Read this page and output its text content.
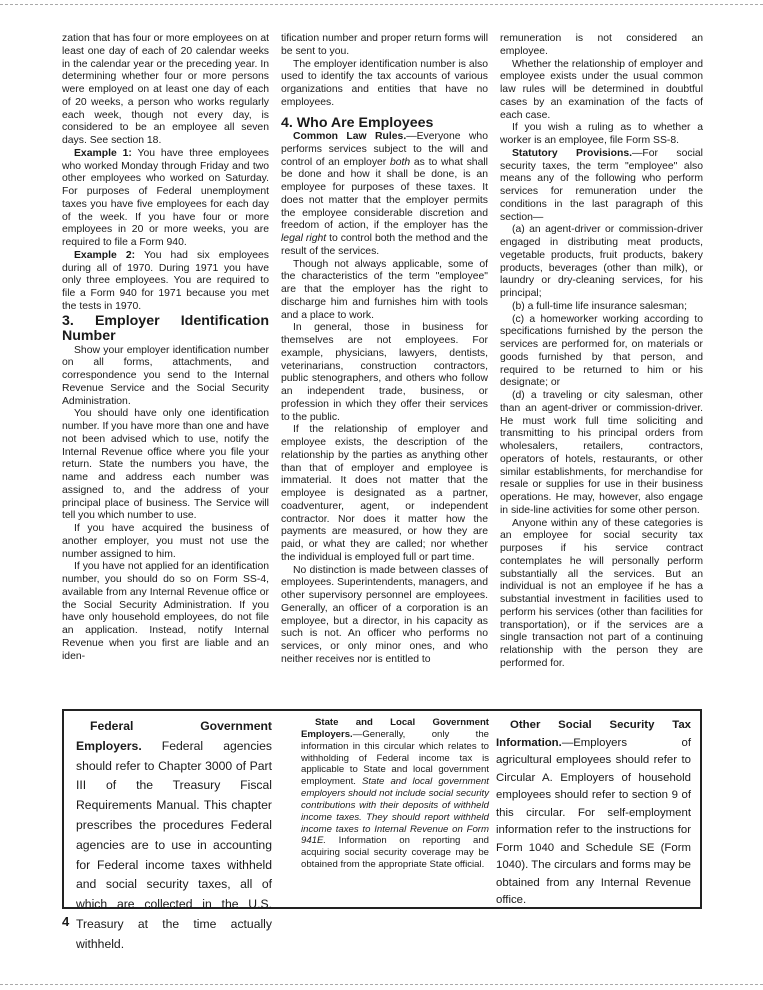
zation that has four or more employees on at least one day of each of 20 calendar weeks in the calendar year or the preceding year. In determining whether four or more persons were employed on at least one day of each of 20 weeks, a person who works regularly each week, though not every day, is considered to be an employee all seven days. See section 18.

Example 1: You have three employees who worked Monday through Friday and two other employees who worked on Saturday. For purposes of Federal unemployment taxes you have five employees for each day of the week. If you have four or more employees in 20 or more weeks, you are required to file a Form 940.

Example 2: You had six employees during all of 1970. During 1971 you have only three employees. You are required to file a Form 940 for 1971 because you met the tests in 1970.

3. Employer Identification Number

Show your employer identification number on all forms, attachments, and correspondence you send to the Internal Revenue Service and the Social Security Administration.

You should have only one identification number. If you have more than one and have not been advised which to use, notify the Internal Revenue office where you file your return. State the numbers you have, the name and address each number was assigned to, and the address of your principal place of business. The Service will tell you which number to use.

If you have acquired the business of another employer, you must not use the number assigned to him.

If you have not applied for an identification number, you should do so on Form SS-4, available from any Internal Revenue office or the Social Security Administration. If you have only household employees, do not file an application. Instead, notify Internal Revenue when you first are liable and an iden-

tification number and proper return forms will be sent to you.

The employer identification number is also used to identify the tax accounts of various organizations and entities that have no employees.

4. Who Are Employees

Common Law Rules.—Everyone who performs services subject to the will and control of an employer both as to what shall be done and how it shall be done, is an employee for purposes of these taxes. It does not matter that the employer permits the employee considerable discretion and freedom of action, if the employer has the legal right to control both the method and the result of the services.

Though not always applicable, some of the characteristics of the term "employee" are that the employer has the right to discharge him and furnishes him with tools and a place to work.

In general, those in business for themselves are not employees. For example, physicians, lawyers, dentists, veterinarians, construction contractors, public stenographers, and others who follow an independent trade, business, or profession in which they offer their services to the public.

If the relationship of employer and employee exists, the description of the relationship by the parties as anything other than that of employer and employee is immaterial. It does not matter that the employee is designated as a partner, coadventurer, agent, or independent contractor. Nor does it matter how the payments are measured, or how they are paid, or what they are called; nor whether the individual is employed full or part time.

No distinction is made between classes of employees. Superintendents, managers, and other supervisory personnel are employees. Generally, an officer of a corporation is an employee, but a director, in his capacity as such is not. An officer who performs no services, or only minor ones, and who neither receives nor is entitled to

remuneration is not considered an employee.

Whether the relationship of employer and employee exists under the usual common law rules will be determined in doubtful cases by an examination of the facts of each case.

If you wish a ruling as to whether a worker is an employee, file Form SS-8.

Statutory Provisions.—For social security taxes, the term "employee" also means any of the following who perform services for remuneration under the conditions in the last paragraph of this section—

(a) an agent-driver or commission-driver engaged in distributing meat products, vegetable products, fruit products, bakery products, beverages (other than milk), or laundry or dry-cleaning services, for his principal;

(b) a full-time life insurance salesman;

(c) a homeworker working according to specifications furnished by the person the services are performed for, on materials or goods furnished by that person, and required to be returned to him or his designate; or

(d) a traveling or city salesman, other than an agent-driver or commission-driver. He must work full time soliciting and transmitting to his principal orders from wholesalers, retailers, contractors, operators of hotels, restaurants, or other similar establishments, for merchandise for resale or supplies for use in their business operations. He may, however, also engage in side-line activities for some other person.

Anyone within any of these categories is an employee for social security tax purposes if his service contract contemplates he will personally perform substantially all the services. But an individual is not an employee if he has a substantial investment in facilities used to perform his services (other than facilities for transportation), or if the services are a single transaction not part of a continuing relationship with the person they are performed for.

Federal Government Employers. Federal agencies should refer to Chapter 3000 of Part III of the Treasury Fiscal Requirements Manual. This chapter prescribes the procedures Federal agencies are to use in accounting for Federal income taxes withheld and social security taxes, all of which are collected in the U.S. Treasury at the time actually withheld.

State and Local Government Employers.—Generally, only the information in this circular which relates to withholding of Federal income tax is applicable to State and local government employment. State and local government employers should not include social security contributions with their deposits of withheld income taxes. They should report withheld income taxes to Internal Revenue on Form 941E. Information on reporting and acquiring social security coverage may be obtained from the appropriate State official.

Other Social Security Tax Information.—Employers of agricultural employees should refer to Circular A. Employers of household employees should refer to section 9 of this circular. For self-employment information refer to the instructions for Form 1040 and Schedule SE (Form 1040). The circulars and forms may be obtained from any Internal Revenue office.

4
